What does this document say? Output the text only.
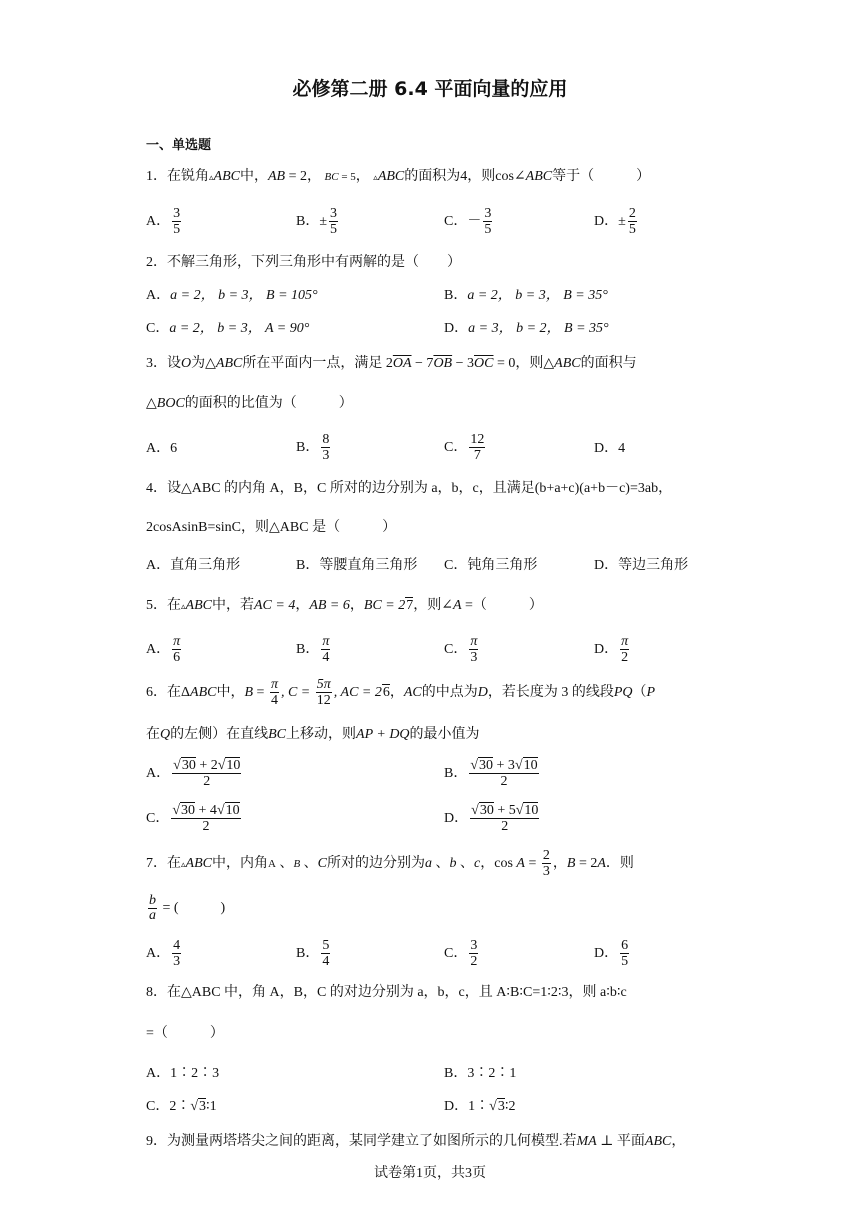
必修第二册 6.4 平面向量的应用
一、单选题
1．在锐角▵ABC中，AB = 2， BC = 5， ▵ABC的面积为4，则cos∠ABC等于（　　　）
A． $\frac{3}{5}$	B．± $\frac{3}{5}$	C．－ $\frac{3}{5}$	D．± $\frac{2}{5}$
2．不解三角形，下列三角形中有两解的是（　　）
A．a = 2， b = 3， B = 105°	B．a = 2， b = 3， B = 35°
C．a = 2， b = 3， A = 90°	D．a = 3， b = 2， B = 35°
3．设O为△ABC所在平面内一点，满足 $2\overline{OA} - 7\overline{OB} - 3\overline{OC} = 0$，则△ABC的面积与
△BOC的面积的比值为（　　　）
A．6	B． $\frac{8}{3}$	C． $\frac{12}{7}$	D．4
4．设△ABC 的内角 A，B，C 所对的边分别为 a，b，c，且满足(b+a+c)(a+b－c)=3ab，
2cosAsinB=sinC，则△ABC 是（　　　）
A．直角三角形	B．等腰直角三角形 C．钝角三角形	D．等边三角形
5．在▵ABC中，若AC = 4，AB = 6，BC = 27，则∠A =（　　　）
A． $\frac{\pi}{6}$	B． $\frac{\pi}{4}$	C． $\frac{\pi}{3}$	D． $\frac{\pi}{2}$
6．在ΔABC中，$B = \frac{\pi}{4}$ , $C = \frac{5\pi}{12}$ , AC = 26，AC的中点为D，若长度为 3 的线段PQ（P
在Q的左侧）在直线BC上移动，则AP + DQ的最小值为
A． $\frac{√30 + 2√10}{2}$	B． $\frac{√30 + 3√10}{2}$
C． $\frac{√30 + 4√10}{2}$	D． $\frac{√30 + 5√10}{2}$
7．在▵ABC中，内角A 、B 、C所对的边分别为a 、b 、c，$\cos A = \frac{2}{3}$ ，B = 2A．则
$\frac{b}{a}$ = (　　　)
A． $\frac{4}{3}$	B． $\frac{5}{4}$	C． $\frac{3}{2}$	D． $\frac{6}{5}$
8．在△ABC 中，角 A，B，C 的对边分别为 a，b，c，且 A∶B∶C=1∶2∶3，则 a∶b∶c
=（　　　）
A．1∶2∶3	B．3∶2∶1
C．2∶√3∶1	D．1∶√3∶2
9．为测量两塔塔尖之间的距离，某同学建立了如图所示的几何模型.若MA ⊥ 平面ABC，
试卷第1页，共3页
